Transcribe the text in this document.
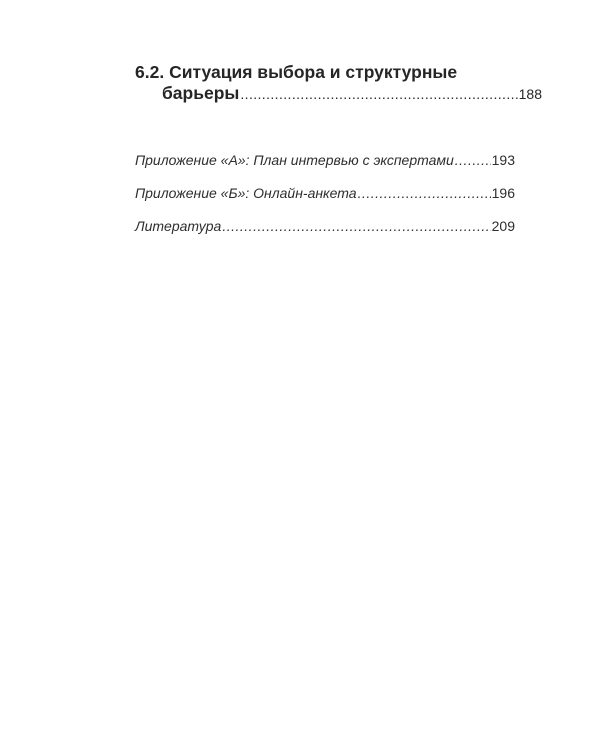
6.2. Ситуация выбора и структурные
барьеры .....	188
Приложение «А»: План интервью с экспертами .....	193
Приложение «Б»: Онлайн-анкета .....	196
Литература .....	209
